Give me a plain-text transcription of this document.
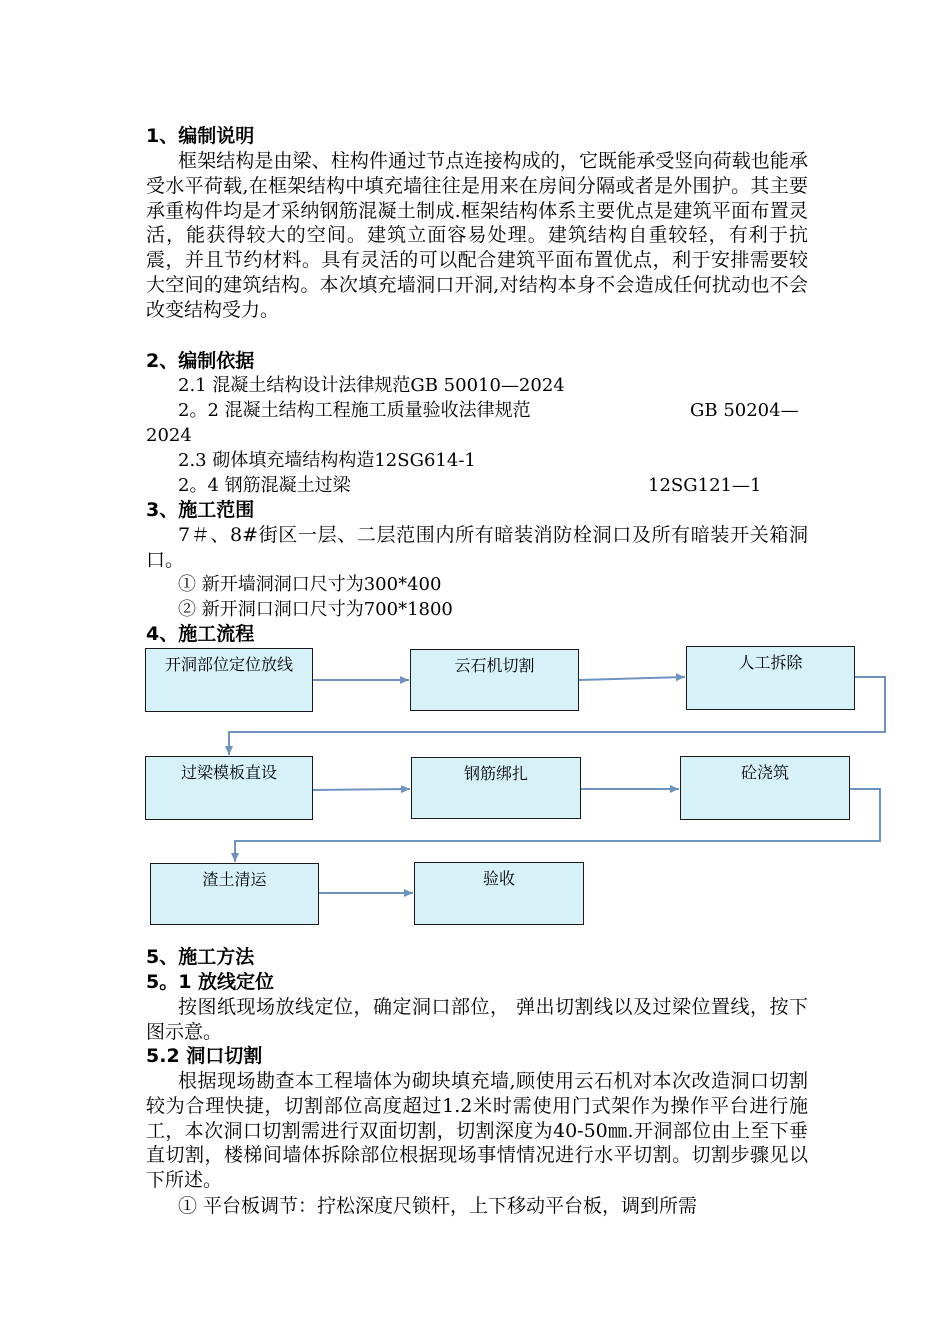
1、编制说明
框架结构是由梁、柱构件通过节点连接构成的，它既能承受竖向荷载也能承受水平荷载,在框架结构中填充墙往往是用来在房间分隔或者是外围护。其主要承重构件均是才采纳钢筋混凝土制成.框架结构体系主要优点是建筑平面布置灵活，能获得较大的空间。建筑立面容易处理。建筑结构自重较轻，有利于抗震，并且节约材料。具有灵活的可以配合建筑平面布置优点，利于安排需要较大空间的建筑结构。本次填充墙洞口开洞,对结构本身不会造成任何扰动也不会改变结构受力。
2、编制依据
2.1 混凝土结构设计法律规范GB 50010—2024
2。2 混凝土结构工程施工质量验收法律规范	GB 50204—
2024
2.3 砌体填充墙结构构造12SG614-1
2。4 钢筋混凝土过梁	12SG121—1
3、施工范围
7＃、8#街区一层、二层范围内所有暗装消防栓洞口及所有暗装开关箱洞口。
① 新开墙洞洞口尺寸为300*400
② 新开洞口洞口尺寸为700*1800
4、施工流程
开洞部位定位放线	云石机切割	人工拆除
过梁模板直设	钢筋绑扎	砼浇筑
渣土清运	验收
5、施工方法
5。1 放线定位
按图纸现场放线定位，确定洞口部位， 弹出切割线以及过梁位置线，按下图示意。
5.2 洞口切割
根据现场勘查本工程墙体为砌块填充墙,顾使用云石机对本次改造洞口切割较为合理快捷，切割部位高度超过1.2米时需使用门式架作为操作平台进行施工，本次洞口切割需进行双面切割，切割深度为40-50㎜.开洞部位由上至下垂直切割，楼梯间墙体拆除部位根据现场事情情况进行水平切割。切割步骤见以下所述。
① 平台板调节：拧松深度尺锁杆，上下移动平台板，调到所需
